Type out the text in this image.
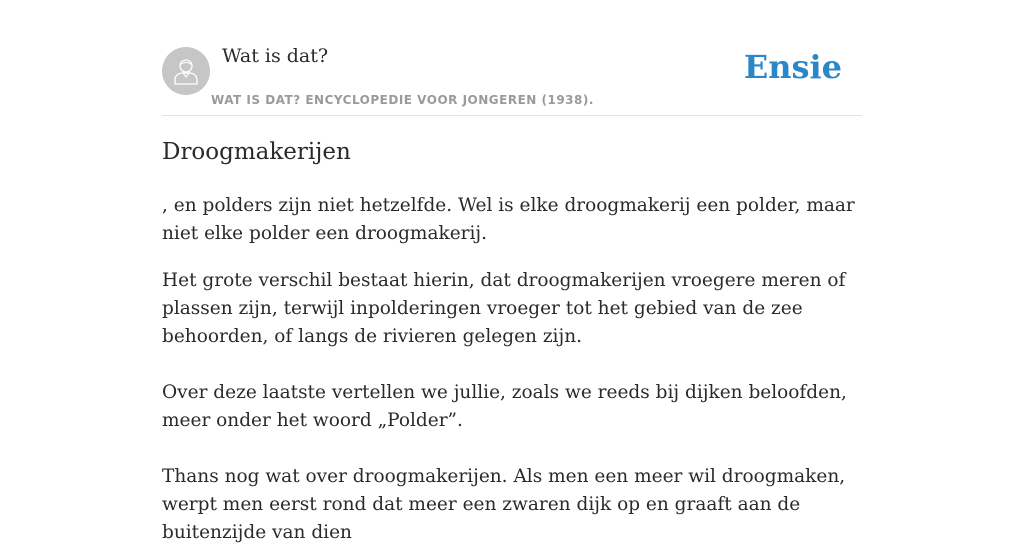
Wat is dat?
WAT IS DAT? ENCYCLOPEDIE VOOR JONGEREN (1938).
Ensie
Droogmakerijen

, en polders zijn niet hetzelfde. Wel is elke droogmakerij een polder, maar niet elke polder een droogmakerij.

Het grote verschil bestaat hierin, dat droogmakerijen vroegere meren of plassen zijn, terwijl inpolderingen vroeger tot het gebied van de zee behoorden, of langs de rivieren gelegen zijn.

Over deze laatste vertellen we jullie, zoals we reeds bij dijken beloofden, meer onder het woord „Polder”.

Thans nog wat over droogmakerijen. Als men een meer wil droogmaken, werpt men eerst rond dat meer een zwaren dijk op en graaft aan de buitenzijde van dien
